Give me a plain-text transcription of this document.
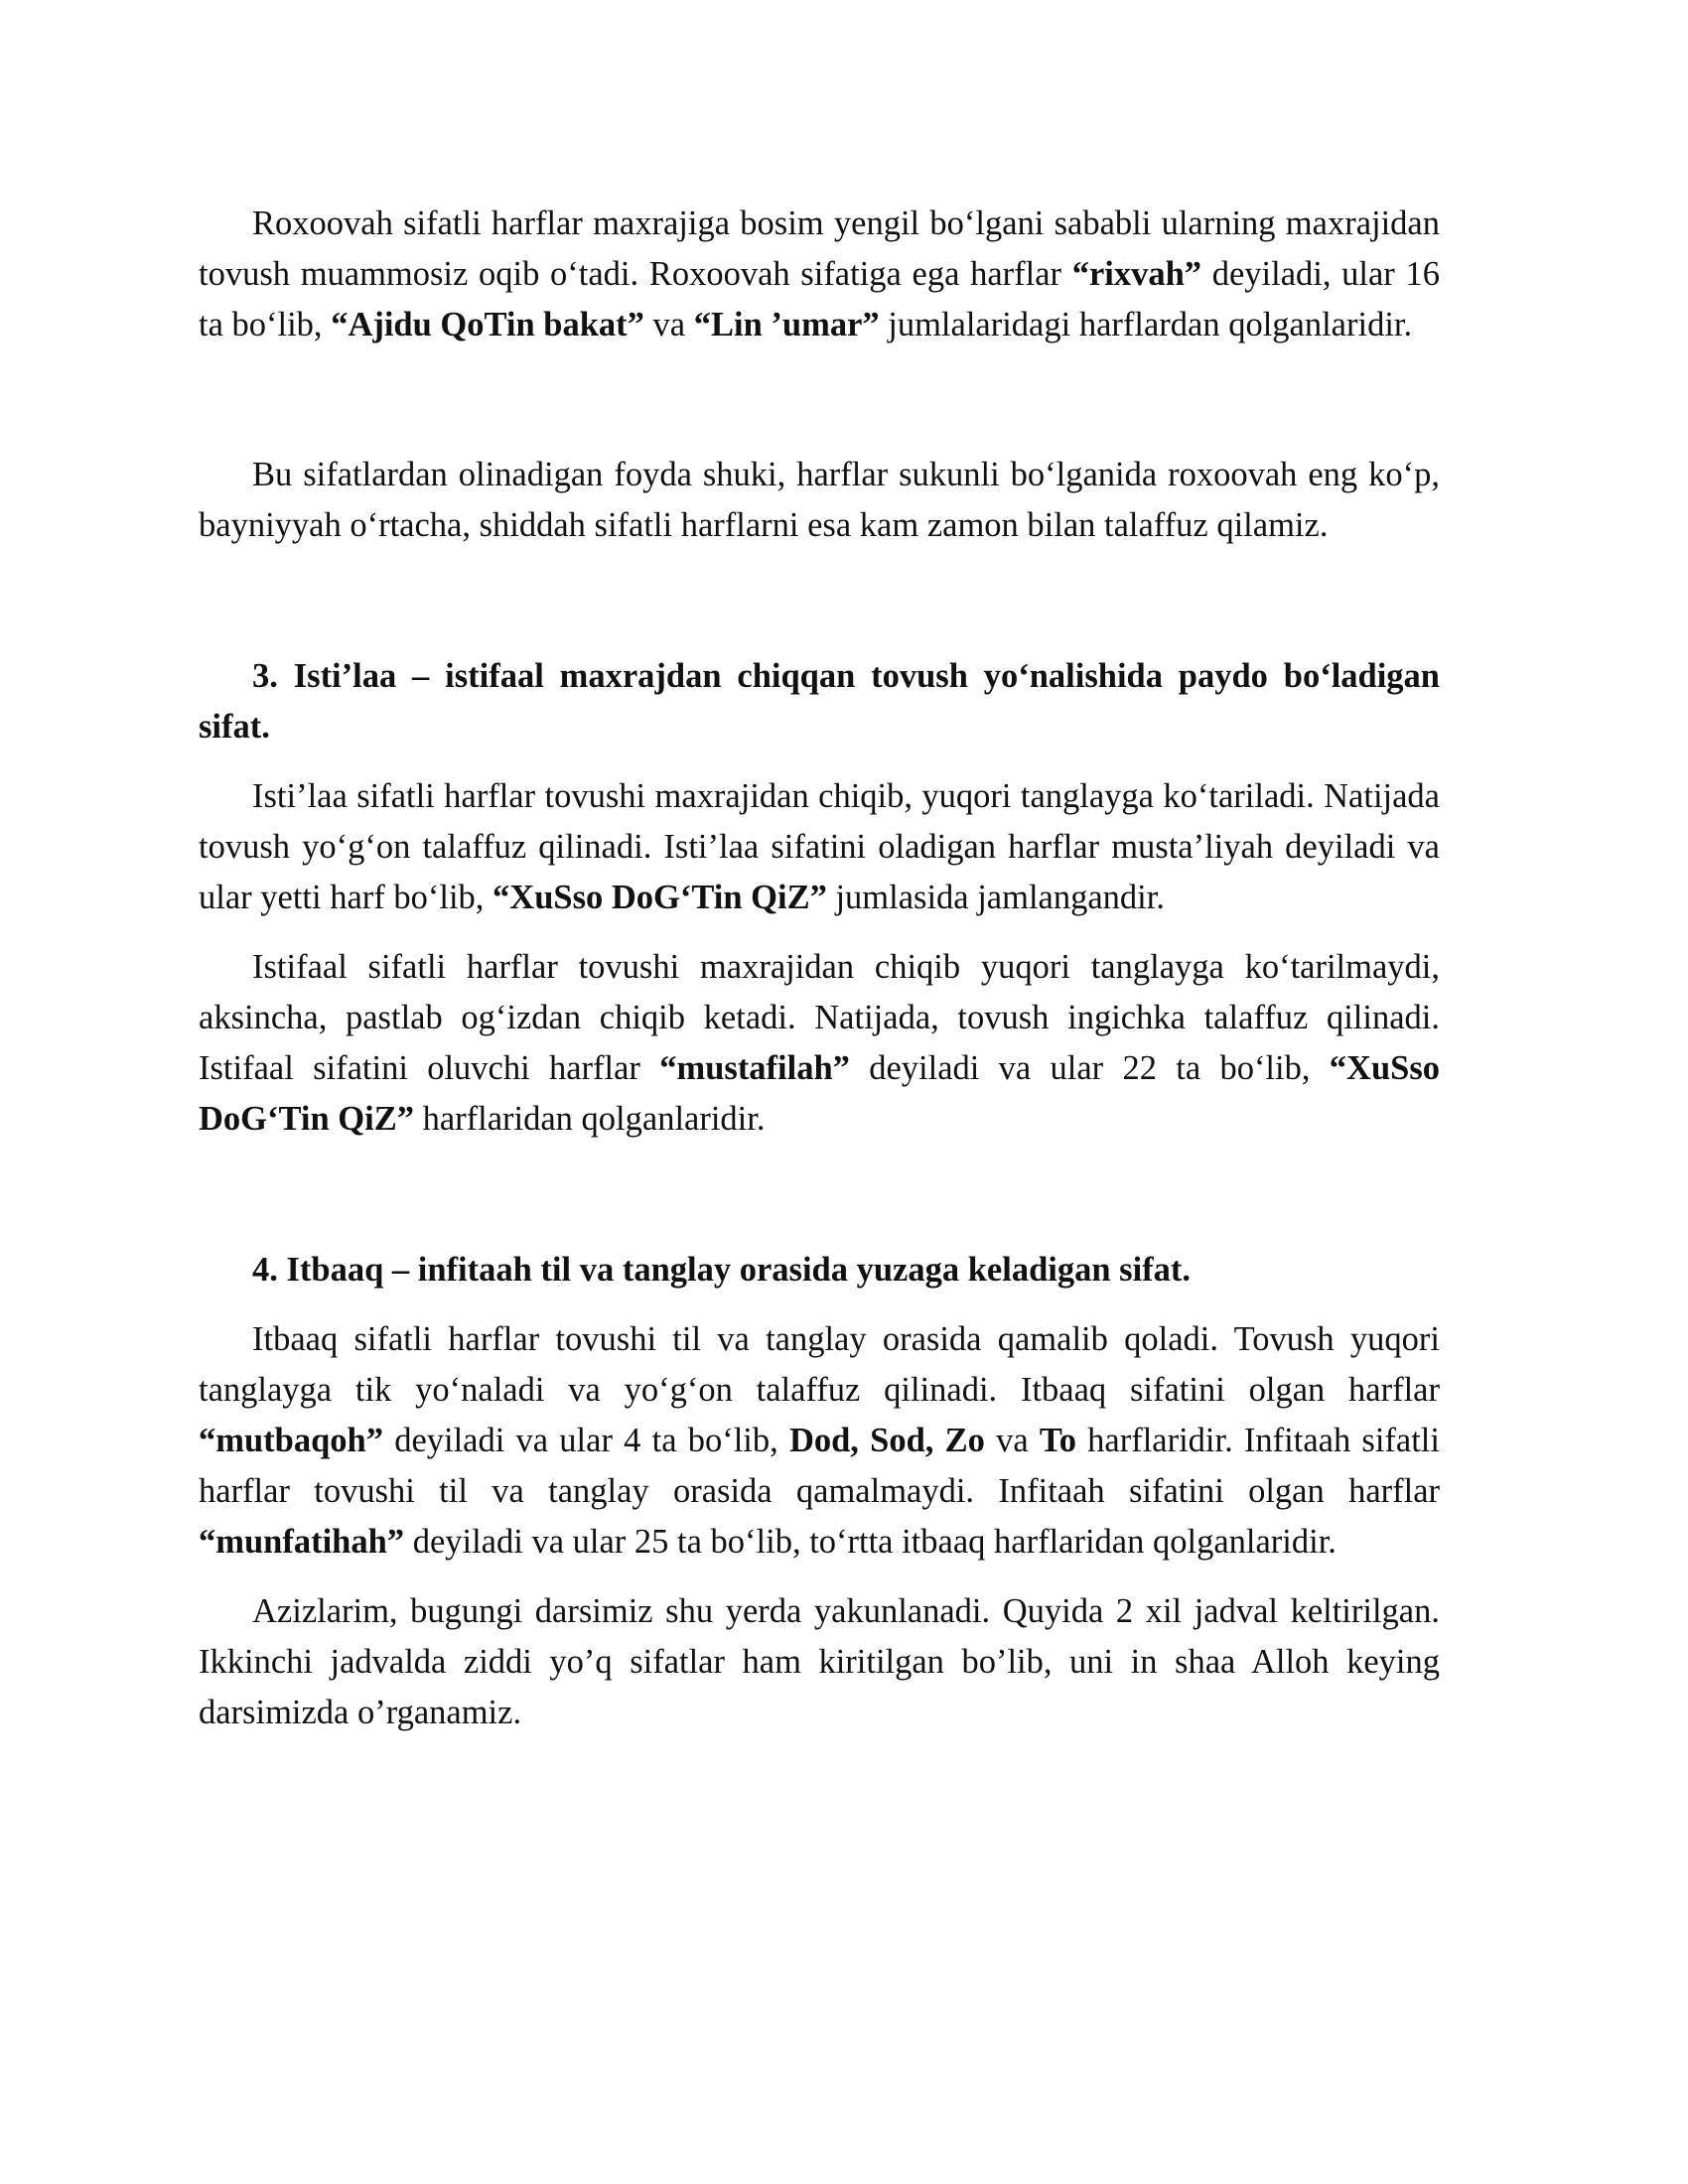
Roxoovah sifatli harflar maxrajiga bosim yengil boʻlgani sababli ularning maxrajidan tovush muammosiz oqib oʻtadi. Roxoovah sifatiga ega harflar “rixvah” deyiladi, ular 16 ta boʻlib, “Ajidu QoTin bakat” va “Lin ’umar” jumlalaridagi harflardan qolganlaridir.

Bu sifatlardan olinadigan foyda shuki, harflar sukunli boʻlganida roxoovah eng koʻp, bayniyyah oʻrtacha, shiddah sifatli harflarni esa kam zamon bilan talaffuz qilamiz.

3. Isti’laa – istifaal maxrajdan chiqqan tovush yoʻnalishida paydo boʻladigan sifat.

Isti’laa sifatli harflar tovushi maxrajidan chiqib, yuqori tanglayga koʻtariladi. Natijada tovush yoʻgʻon talaffuz qilinadi. Isti’laa sifatini oladigan harflar musta’liyah deyiladi va ular yetti harf boʻlib, “XuSso DoGʻTin QiZ” jumlasida jamlangandir.

Istifaal sifatli harflar tovushi maxrajidan chiqib yuqori tanglayga koʻtarilmaydi, aksincha, pastlab ogʻizdan chiqib ketadi. Natijada, tovush ingichka talaffuz qilinadi. Istifaal sifatini oluvchi harflar “mustafilah” deyiladi va ular 22 ta boʻlib, “XuSso DoGʻTin QiZ” harflaridan qolganlaridir.

4. Itbaaq – infitaah til va tanglay orasida yuzaga keladigan sifat.

Itbaaq sifatli harflar tovushi til va tanglay orasida qamalib qoladi. Tovush yuqori tanglayga tik yoʻnaladi va yoʻgʻon talaffuz qilinadi. Itbaaq sifatini olgan harflar “mutbaqoh” deyiladi va ular 4 ta boʻlib, Dod, Sod, Zo va To harflaridir. Infitaah sifatli harflar tovushi til va tanglay orasida qamalmaydi. Infitaah sifatini olgan harflar “munfatihah” deyiladi va ular 25 ta boʻlib, toʻrtta itbaaq harflaridan qolganlaridir.

Azizlarim, bugungi darsimiz shu yerda yakunlanadi. Quyida 2 xil jadval keltirilgan. Ikkinchi jadvalda ziddi yo’q sifatlar ham kiritilgan bo’lib, uni in shaa Alloh keying darsimizda o’rganamiz.
